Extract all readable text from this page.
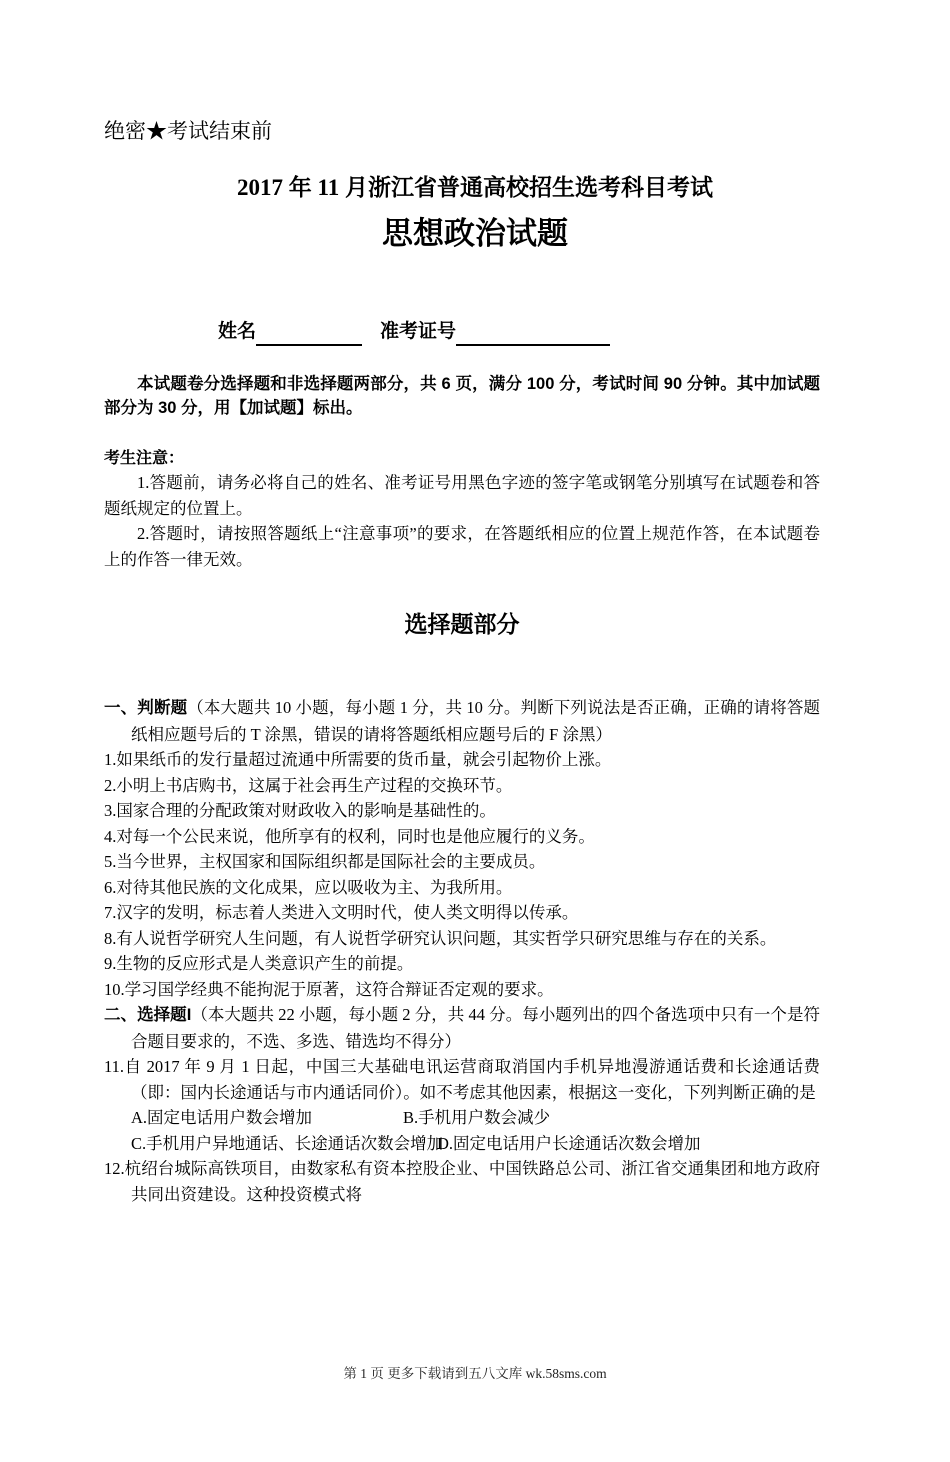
绝密★考试结束前
2017 年 11 月浙江省普通高校招生选考科目考试
思想政治试题
姓名	准考证号

本试题卷分选择题和非选择题两部分，共 6 页，满分 100 分，考试时间 90 分钟。其中加试题部分为 30 分，用【加试题】标出。

考生注意：

1.答题前，请务必将自己的姓名、准考证号用黑色字迹的签字笔或钢笔分别填写在试题卷和答题纸规定的位置上。

2.答题时，请按照答题纸上“注意事项”的要求，在答题纸相应的位置上规范作答，在本试题卷上的作答一律无效。

选择题部分

一、判断题（本大题共 10 小题，每小题 1 分，共 10 分。判断下列说法是否正确，正确的请将答题纸相应题号后的 T 涂黑，错误的请将答题纸相应题号后的 F 涂黑）

1.如果纸币的发行量超过流通中所需要的货币量，就会引起物价上涨。

2.小明上书店购书，这属于社会再生产过程的交换环节。

3.国家合理的分配政策对财政收入的影响是基础性的。

4.对每一个公民来说，他所享有的权利，同时也是他应履行的义务。

5.当今世界，主权国家和国际组织都是国际社会的主要成员。

6.对待其他民族的文化成果，应以吸收为主、为我所用。

7.汉字的发明，标志着人类进入文明时代，使人类文明得以传承。

8.有人说哲学研究人生问题，有人说哲学研究认识问题，其实哲学只研究思维与存在的关系。

9.生物的反应形式是人类意识产生的前提。

10.学习国学经典不能拘泥于原著，这符合辩证否定观的要求。

二、选择题I（本大题共 22 小题，每小题 2 分，共 44 分。每小题列出的四个备选项中只有一个是符合题目要求的，不选、多选、错选均不得分）

11.自 2017 年 9 月 1 日起，中国三大基础电讯运营商取消国内手机异地漫游通话费和长途通话费（即：国内长途通话与市内通话同价）。如不考虑其他因素，根据这一变化，下列判断正确的是

A.固定电话用户数会增加	B.手机用户数会减少
C.手机用户异地通话、长途通话次数会增加D.固定电话用户长途通话次数会增加

12.杭绍台城际高铁项目，由数家私有资本控股企业、中国铁路总公司、浙江省交通集团和地方政府共同出资建设。这种投资模式将

第 1 页 更多下载请到五八文库 wk.58sms.com
